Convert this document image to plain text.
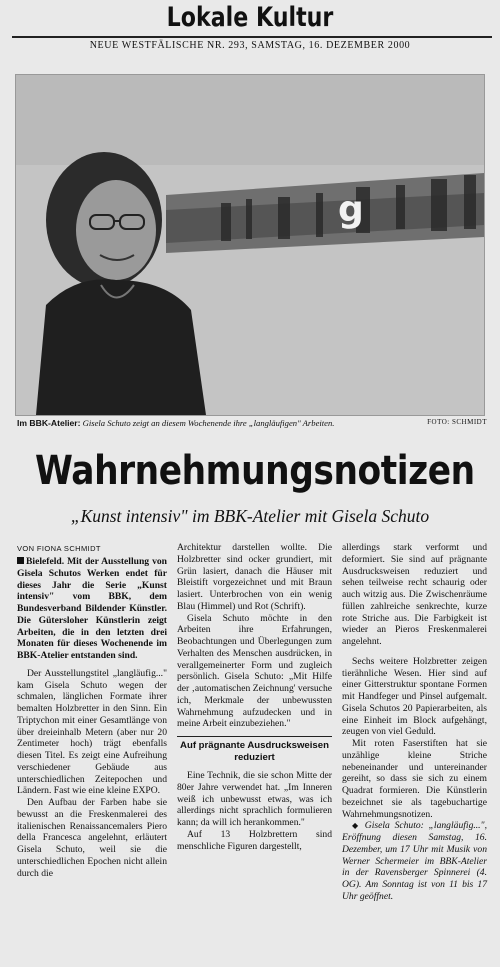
Lokale Kultur
NEUE WESTFÄLISCHE NR. 293, SAMSTAG, 16. DEZEMBER 2000
g
Im BBK-Atelier: Gisela Schuto zeigt an diesem Wochenende ihre „langläufigen" Arbeiten.	FOTO: SCHMIDT
Wahrnehmungsnotizen
„Kunst intensiv" im BBK-Atelier mit Gisela Schuto
VON FIONA SCHMIDT

Bielefeld. Mit der Ausstellung von Gisela Schutos Werken endet für dieses Jahr die Serie „Kunst intensiv" vom BBK, dem Bundesverband Bildender Künstler. Die Gütersloher Künstlerin zeigt Arbeiten, die in den letzten drei Monaten für dieses Wochenende im BBK-Atelier entstanden sind.

Der Ausstellungstitel „langläufig..." kam Gisela Schuto wegen der schmalen, länglichen Formate ihrer bemalten Holzbretter in den Sinn. Ein Triptychon mit einer Gesamtlänge von über dreieinhalb Metern (aber nur 20 Zentimeter hoch) trägt ebenfalls diesen Titel. Es zeigt eine Aufreihung verschiedener Gebäude aus unterschiedlichen Zeitepochen und Ländern. Fast wie eine kleine EXPO.

Den Aufbau der Farben habe sie bewusst an die Freskenmalerei des italienischen Renaissancemalers Piero della Francesca angelehnt, erläutert Gisela Schuto, weil sie die unterschiedlichen Epochen nicht allein durch die

Architektur darstellen wollte. Die Holzbretter sind ocker grundiert, mit Grün lasiert, danach die Häuser mit Bleistift vorgezeichnet und mit Braun lasiert. Unterbrochen von ein wenig Blau (Himmel) und Rot (Schrift).

Gisela Schuto möchte in den Arbeiten ihre Erfahrungen, Beobachtungen und Überlegungen zum Verhalten des Menschen ausdrücken, in verallgemeinerter Form und zugleich persönlich. Gisela Schuto: „Mit Hilfe der ‚automatischen Zeichnung' versuche ich, Merkmale der unbewussten Wahrnehmung aufzudecken und in meine Arbeit einzubeziehen."

Auf prägnante Ausdrucksweisen reduziert

Eine Technik, die sie schon Mitte der 80er Jahre verwendet hat. „Im Inneren weiß ich unbewusst etwas, was ich allerdings nicht sprachlich formulieren kann; da will ich herankommen."

Auf 13 Holzbrettern sind menschliche Figuren dargestellt,

allerdings stark verformt und deformiert. Sie sind auf prägnante Ausdrucksweisen reduziert und sehen teilweise recht schaurig oder auch witzig aus. Die Zwischenräume füllen zahlreiche senkrechte, kurze rote Striche aus. Die Farbigkeit ist wieder an Pieros Freskenmalerei angelehnt.

Sechs weitere Holzbretter zeigen tierähnliche Wesen. Hier sind auf einer Gitterstruktur spontane Formen mit Handfeger und Pinsel aufgemalt. Gisela Schutos 20 Papierarbeiten, als eine Einheit im Block aufgehängt, zeugen von viel Geduld.

Mit roten Faserstiften hat sie unzählige kleine Striche nebeneinander und untereinander gereiht, so dass sie sich zu einem Quadrat formieren. Die Künstlerin bezeichnet sie als tagebuchartige Wahrnehmungsnotizen.

◆ Gisela Schuto: „langläufig...", Eröffnung diesen Samstag, 16. Dezember, um 17 Uhr mit Musik von Werner Schermeier im BBK-Atelier in der Ravensberger Spinnerei (4. OG). Am Sonntag ist von 11 bis 17 Uhr geöffnet.
